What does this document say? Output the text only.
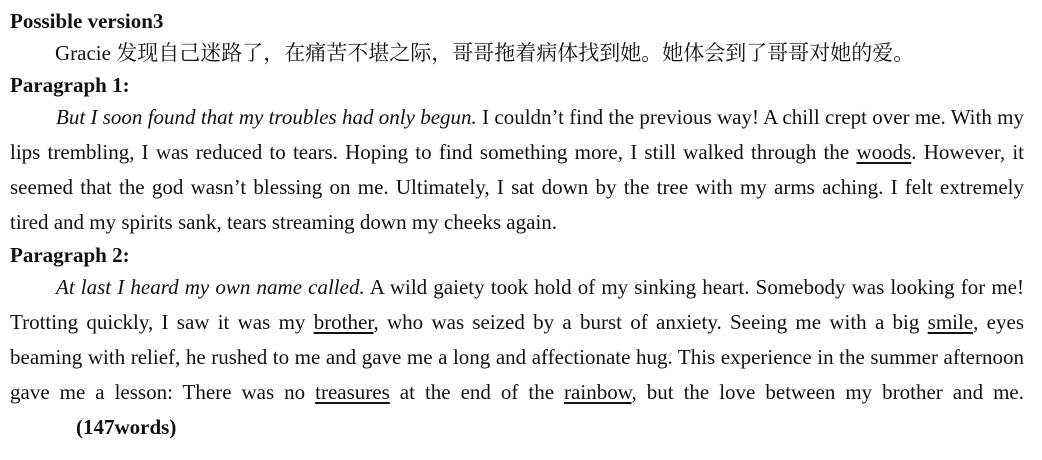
Possible version3

Gracie 发现自己迷路了，在痛苦不堪之际，哥哥拖着病体找到她。她体会到了哥哥对她的爱。

Paragraph 1:

But I soon found that my troubles had only begun. I couldn’t find the previous way! A chill crept over me. With my lips trembling, I was reduced to tears. Hoping to find something more, I still walked through the woods. However, it seemed that the god wasn’t blessing on me. Ultimately, I sat down by the tree with my arms aching. I felt extremely tired and my spirits sank, tears streaming down my cheeks again.

Paragraph 2:

At last I heard my own name called. A wild gaiety took hold of my sinking heart. Somebody was looking for me! Trotting quickly, I saw it was my brother, who was seized by a burst of anxiety. Seeing me with a big smile, eyes beaming with relief, he rushed to me and gave me a long and affectionate hug. This experience in the summer afternoon gave me a lesson: There was no treasures at the end of the rainbow, but the love between my brother and me.(147words)
